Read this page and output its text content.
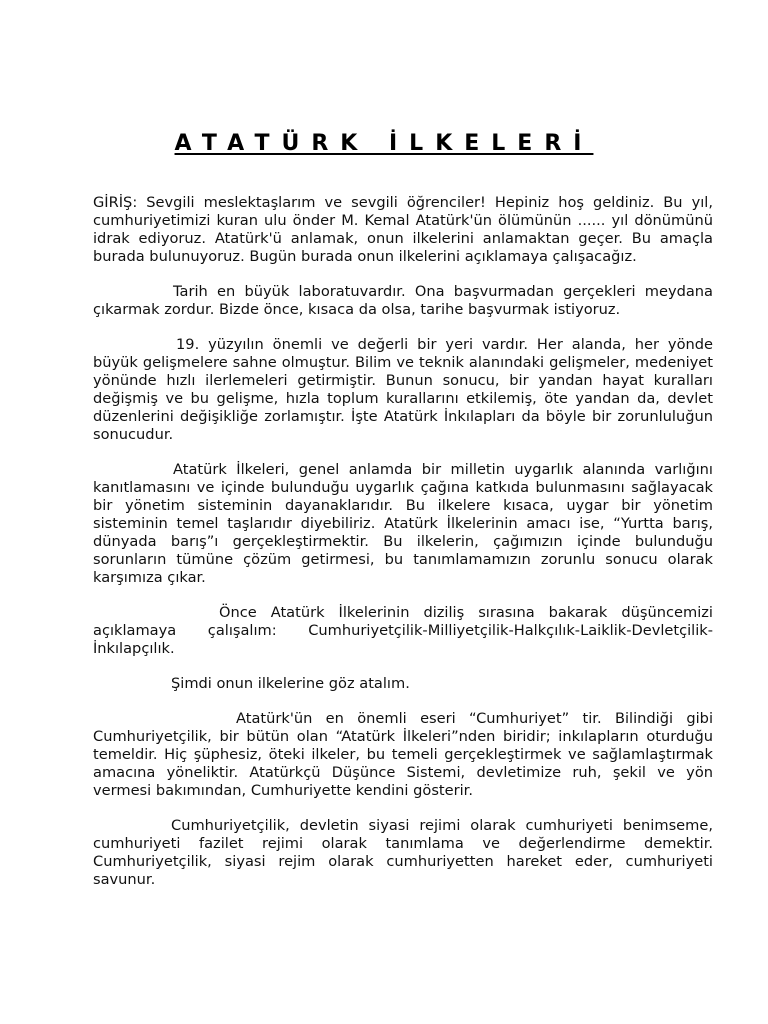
ATATÜRK İLKELERİ

GİRİŞ: Sevgili meslektaşlarım ve sevgili öğrenciler! Hepiniz hoş geldiniz. Bu yıl, cumhuriyetimizi kuran ulu önder M. Kemal Atatürk'ün ölümünün ...... yıl dönümünü idrak ediyoruz. Atatürk'ü anlamak, onun ilkelerini anlamaktan geçer. Bu amaçla burada bulunuyoruz. Bugün burada onun ilkelerini açıklamaya çalışacağız.

Tarih en büyük laboratuvardır. Ona başvurmadan gerçekleri meydana çıkarmak zordur. Bizde önce, kısaca da olsa, tarihe başvurmak istiyoruz.

19. yüzyılın önemli ve değerli bir yeri vardır. Her alanda, her yönde büyük gelişmelere sahne olmuştur. Bilim ve teknik alanındaki gelişmeler, medeniyet yönünde hızlı ilerlemeleri getirmiştir. Bunun sonucu, bir yandan hayat kuralları değişmiş ve bu gelişme, hızla toplum kurallarını etkilemiş, öte yandan da, devlet düzenlerini değişikliğe zorlamıştır. İşte Atatürk İnkılapları da böyle bir zorunluluğun sonucudur.

Atatürk İlkeleri, genel anlamda bir milletin uygarlık alanında varlığını kanıtlamasını ve içinde bulunduğu uygarlık çağına katkıda bulunmasını sağlayacak bir yönetim sisteminin dayanaklarıdır. Bu ilkelere kısaca, uygar bir yönetim sisteminin temel taşlarıdır diyebiliriz. Atatürk İlkelerinin amacı ise, “Yurtta barış, dünyada barış”ı gerçekleştirmektir. Bu ilkelerin, çağımızın içinde bulunduğu sorunların tümüne çözüm getirmesi, bu tanımlamamızın zorunlu sonucu olarak karşımıza çıkar.

Önce Atatürk İlkelerinin diziliş sırasına bakarak düşüncemizi açıklamaya çalışalım: Cumhuriyetçilik-Milliyetçilik-Halkçılık-Laiklik-Devletçilik-İnkılapçılık.

Şimdi onun ilkelerine göz atalım.

Atatürk'ün en önemli eseri “Cumhuriyet” tir. Bilindiği gibi Cumhuriyetçilik, bir bütün olan “Atatürk İlkeleri”nden biridir; inkılapların oturduğu temeldir. Hiç şüphesiz, öteki ilkeler, bu temeli gerçekleştirmek ve sağlamlaştırmak amacına yöneliktir. Atatürkçü Düşünce Sistemi, devletimize ruh, şekil ve yön vermesi bakımından, Cumhuriyette kendini gösterir.

Cumhuriyetçilik, devletin siyasi rejimi olarak cumhuriyeti benimseme, cumhuriyeti fazilet rejimi olarak tanımlama ve değerlendirme demektir. Cumhuriyetçilik, siyasi rejim olarak cumhuriyetten hareket eder, cumhuriyeti savunur.
